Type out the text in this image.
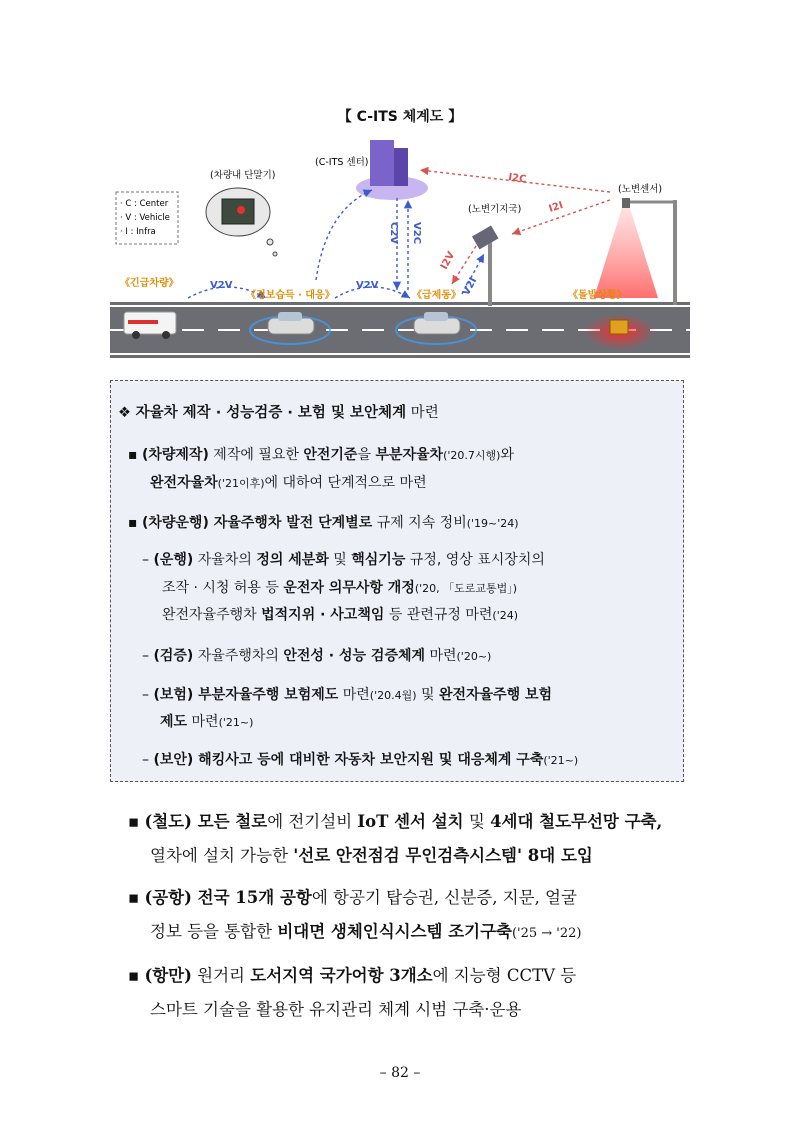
【 C-ITS 체계도 】
· C : Center
· V : Vehicle
· I : Infra
(차량내 단말기)
(C-ITS 센터)
(노변센서)
(노변기지국)
V2V	V2V
C2V V2C
I2C
I2I
I2V
V2I
《긴급차량》
《정보습득 · 대응》	《급제동》	《돌발상황》
❖ 자율차 제작 · 성능검증 · 보험 및 보안체계 마련
▪ (차량제작) 제작에 필요한 안전기준을 부분자율차('20.7시행)와
완전자율차('21이후)에 대하여 단계적으로 마련
▪ (차량운행) 자율주행차 발전 단계별로 규제 지속 정비('19~'24)
– (운행) 자율차의 정의 세분화 및 핵심기능 규정, 영상 표시장치의
조작 · 시청 허용 등 운전자 의무사항 개정('20, 「도로교통법」)
완전자율주행차 법적지위 · 사고책임 등 관련규정 마련('24)
– (검증) 자율주행차의 안전성 · 성능 검증체계 마련('20~)
– (보험) 부분자율주행 보험제도 마련('20.4월) 및 완전자율주행 보험
제도 마련('21~)
– (보안) 해킹사고 등에 대비한 자동차 보안지원 및 대응체계 구축('21~)
▪ (철도) 모든 철로에 전기설비 IoT 센서 설치 및 4세대 철도무선망 구축,
열차에 설치 가능한 '선로 안전점검 무인검측시스템' 8대 도입
▪ (공항) 전국 15개 공항에 항공기 탑승권, 신분증, 지문, 얼굴
정보 등을 통합한 비대면 생체인식시스템 조기구축('25 → '22)
▪ (항만) 원거리 도서지역 국가어항 3개소에 지능형 CCTV 등
스마트 기술을 활용한 유지관리 체계 시범 구축·운용
– 82 –
